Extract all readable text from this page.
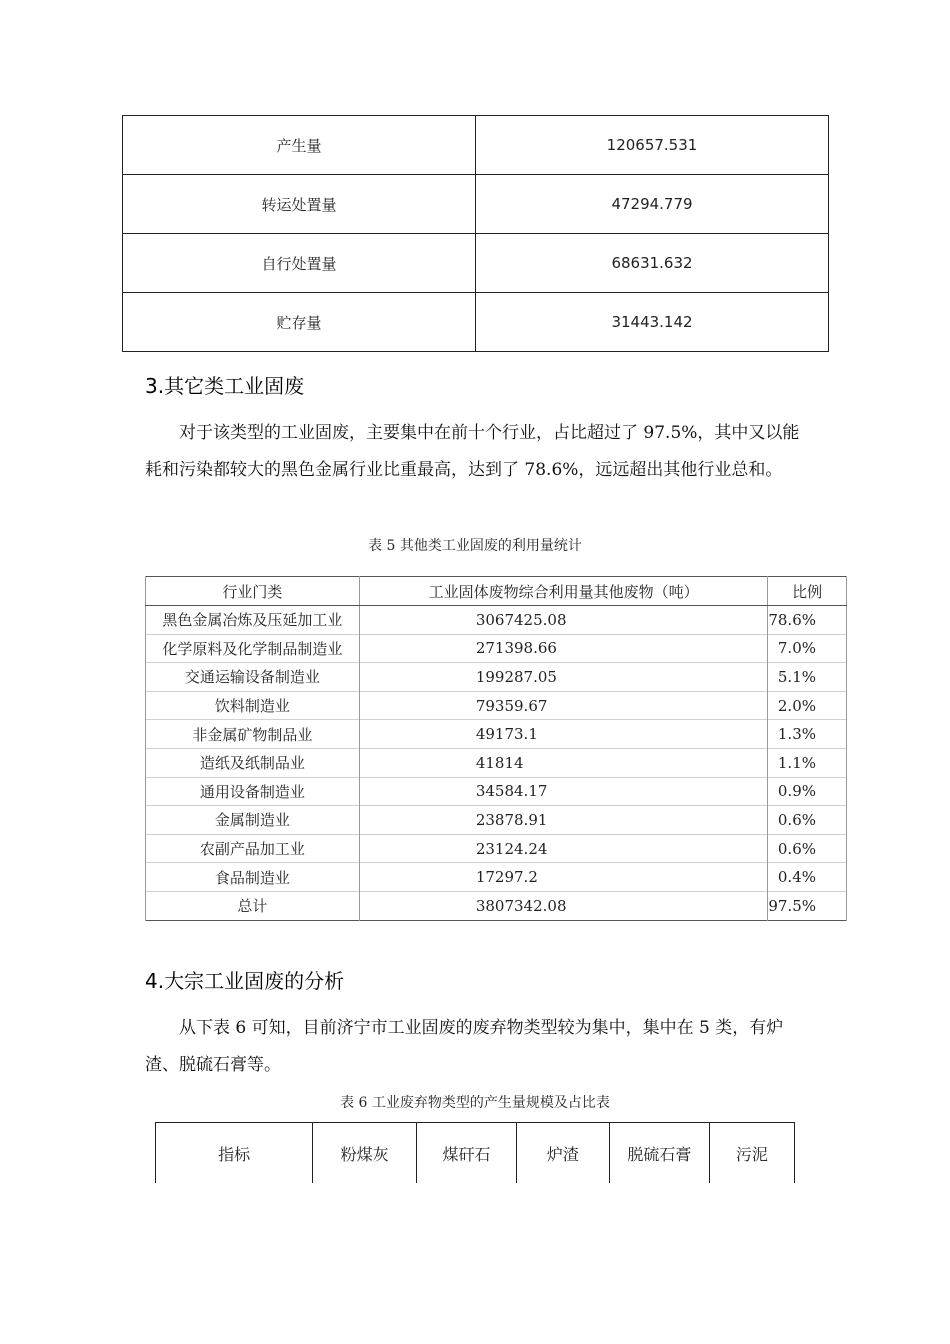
产生量	120657.531
转运处置量	47294.779
自行处置量	68631.632
贮存量	31443.142
3.其它类工业固废

对于该类型的工业固废，主要集中在前十个行业，占比超过了 97.5%，其中又以能耗和污染都较大的黑色金属行业比重最高，达到了 78.6%，远远超出其他行业总和。

表 5 其他类工业固废的利用量统计

行业门类	工业固体废物综合利用量其他废物（吨）	比例
黑色金属冶炼及压延加工业	3067425.08	78.6%
化学原料及化学制品制造业	271398.66	7.0%
交通运输设备制造业	199287.05	5.1%
饮料制造业	79359.67	2.0%
非金属矿物制品业	49173.1	1.3%
造纸及纸制品业	41814	1.1%
通用设备制造业	34584.17	0.9%
金属制造业	23878.91	0.6%
农副产品加工业	23124.24	0.6%
食品制造业	17297.2	0.4%
总计	3807342.08	97.5%
4.大宗工业固废的分析

从下表 6 可知，目前济宁市工业固废的废弃物类型较为集中，集中在 5 类，有炉渣、脱硫石膏等。

表 6 工业废弃物类型的产生量规模及占比表

指标	粉煤灰	煤矸石	炉渣	脱硫石膏	污泥
